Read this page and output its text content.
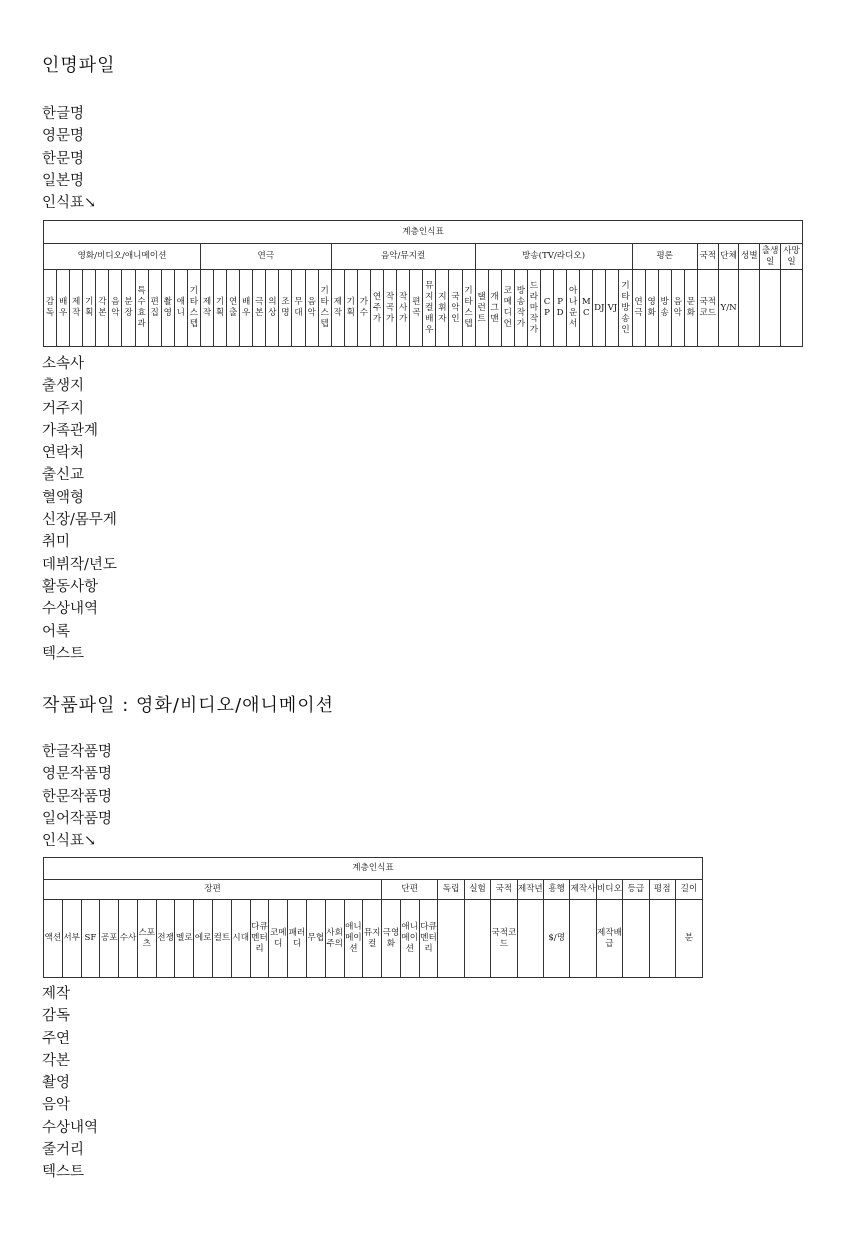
인명파일
한글명
영문명
한문명
일본명
인식표↘
계층인식표																																																						
영화/비디오/애니메이션												연극										음악/뮤지컬											방송(TV/라디오)												평론					국적	단체	성별	출생일	사망일
감독	배우	제작	기획	각본	음악	분장	특수효과	편집	촬영	애니	기타스텝	제작	기획	연출	배우	극본	의상	조명	무대	음악	기타스텝	제작	기획	가수	연주가	작곡가	작사가	편곡	뮤지컬배우	지휘자	국악인	기타스텝	탤런트	개그맨	코메디언	방송작가	드라마작가	CP	PD	아나운서	MC	DJ	VJ	기타방송인	연극	영화	방송	음악	문화	국적코드	Y/N			
소속사
출생지
거주지
가족관계
연락처
출신교
혈액형
신장/몸무게
취미
데뷔작/년도
활동사항
수상내역
어록
텍스트
작품파일 : 영화/비디오/애니메이션
한글작품명
영문작품명
한문작품명
일어작품명
인식표↘
계층인식표																														
장편																		단편			독립	실험	국적	제작년	흥행	제작사	비디오	등급	평점	길이
액션	서부	SF	공포	수사	스포츠	전쟁	멜로	에로	컬트	시대	다큐멘터리	코메디	패러디	무협	사회주의	애니메이션	뮤지컬	극영화	애니메이션	다큐멘터리			국적코드		$/명		제작배급			분
제작
감독
주연
각본
촬영
음악
수상내역
줄거리
텍스트
